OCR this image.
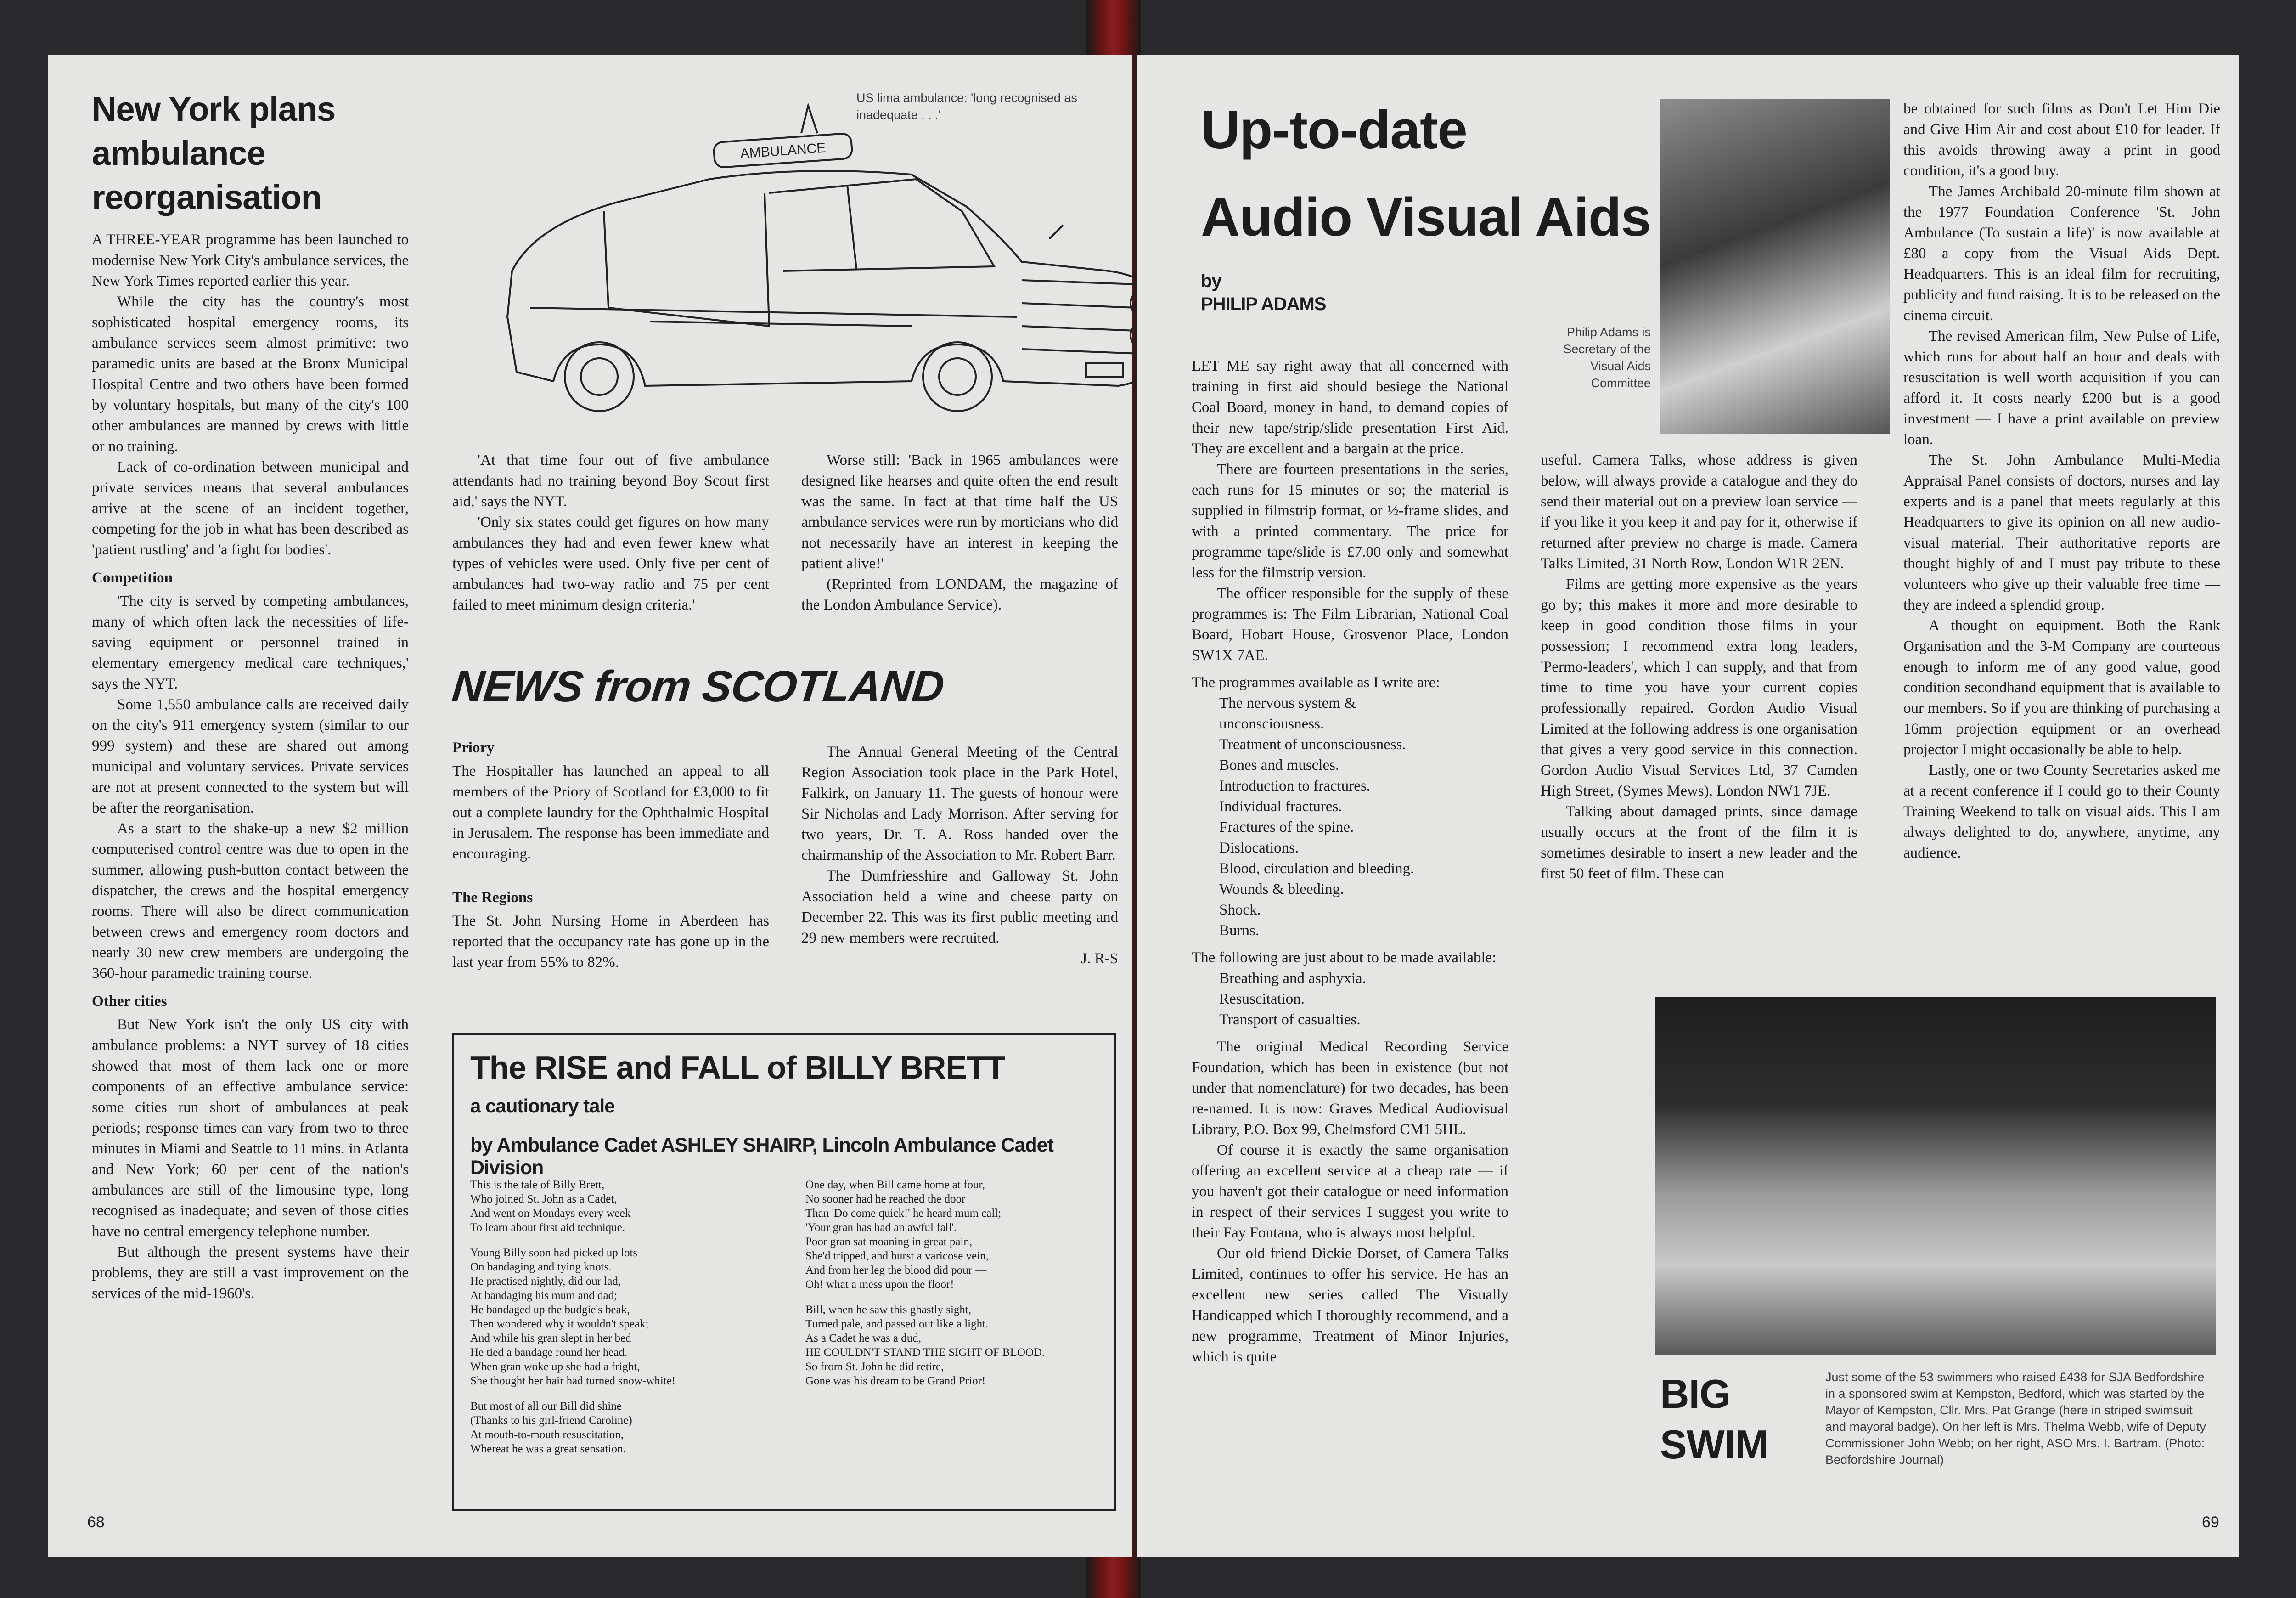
New York plans ambulance reorganisation

A THREE-YEAR programme has been launched to modernise New York City's ambulance services, the New York Times reported earlier this year.

While the city has the country's most sophisticated hospital emergency rooms, its ambulance services seem almost primitive: two paramedic units are based at the Bronx Municipal Hospital Centre and two others have been formed by voluntary hospitals, but many of the city's 100 other ambulances are manned by crews with little or no training.

Lack of co-ordination between municipal and private services means that several ambulances arrive at the scene of an incident together, competing for the job in what has been described as 'patient rustling' and 'a fight for bodies'.

Competition

'The city is served by competing ambulances, many of which often lack the necessities of life-saving equipment or personnel trained in elementary emergency medical care techniques,' says the NYT.

Some 1,550 ambulance calls are received daily on the city's 911 emergency system (similar to our 999 system) and these are shared out among municipal and voluntary services. Private services are not at present connected to the system but will be after the reorganisation.

As a start to the shake-up a new $2 million computerised control centre was due to open in the summer, allowing push-button contact between the dispatcher, the crews and the hospital emergency rooms. There will also be direct communication between crews and emergency room doctors and nearly 30 new crew members are undergoing the 360-hour paramedic training course.

Other cities

But New York isn't the only US city with ambulance problems: a NYT survey of 18 cities showed that most of them lack one or more components of an effective ambulance service: some cities run short of ambulances at peak periods; response times can vary from two to three minutes in Miami and Seattle to 11 mins. in Atlanta and New York; 60 per cent of the nation's ambulances are still of the limousine type, long recognised as inadequate; and seven of those cities have no central emergency telephone number.

But although the present systems have their problems, they are still a vast improvement on the services of the mid-1960's.

AMBULANCE
US lima ambulance: 'long recognised as inadequate . . .'

'At that time four out of five ambulance attendants had no training beyond Boy Scout first aid,' says the NYT.

'Only six states could get figures on how many ambulances they had and even fewer knew what types of vehicles were used. Only five per cent of ambulances had two-way radio and 75 per cent failed to meet minimum design criteria.'

Worse still: 'Back in 1965 ambulances were designed like hearses and quite often the end result was the same. In fact at that time half the US ambulance services were run by morticians who did not necessarily have an interest in keeping the patient alive!'

(Reprinted from LONDAM, the magazine of the London Ambulance Service).

NEWS from SCOTLAND
Priory

The Hospitaller has launched an appeal to all members of the Priory of Scotland for £3,000 to fit out a complete laundry for the Ophthalmic Hospital in Jerusalem. The response has been immediate and encouraging.

The Regions

The St. John Nursing Home in Aberdeen has reported that the occupancy rate has gone up in the last year from 55% to 82%.

The Annual General Meeting of the Central Region Association took place in the Park Hotel, Falkirk, on January 11. The guests of honour were Sir Nicholas and Lady Morrison. After serving for two years, Dr. T. A. Ross handed over the chairmanship of the Association to Mr. Robert Barr.

The Dumfriesshire and Galloway St. John Association held a wine and cheese party on December 22. This was its first public meeting and 29 new members were recruited.

J. R-S
The RISE and FALL of BILLY BRETT
a cautionary tale
by Ambulance Cadet ASHLEY SHAIRP, Lincoln Ambulance Cadet Division

This is the tale of Billy Brett,
Who joined St. John as a Cadet,
And went on Mondays every week
To learn about first aid technique.

Young Billy soon had picked up lots
On bandaging and tying knots.
He practised nightly, did our lad,
At bandaging his mum and dad;
He bandaged up the budgie's beak,
Then wondered why it wouldn't speak;
And while his gran slept in her bed
He tied a bandage round her head.
When gran woke up she had a fright,
She thought her hair had turned snow-white!

But most of all our Bill did shine
(Thanks to his girl-friend Caroline)
At mouth-to-mouth resuscitation,
Whereat he was a great sensation.

One day, when Bill came home at four,
No sooner had he reached the door
Than 'Do come quick!' he heard mum call;
'Your gran has had an awful fall'.
Poor gran sat moaning in great pain,
She'd tripped, and burst a varicose vein,
And from her leg the blood did pour —
Oh! what a mess upon the floor!

Bill, when he saw this ghastly sight,
Turned pale, and passed out like a light.
As a Cadet he was a dud,
HE COULDN'T STAND THE SIGHT OF BLOOD.
So from St. John he did retire,
Gone was his dream to be Grand Prior!

68
Up-to-date
Audio Visual Aids
by
PHILIP ADAMS
Philip Adams is Secretary of the Visual Aids Committee

LET ME say right away that all concerned with training in first aid should besiege the National Coal Board, money in hand, to demand copies of their new tape/strip/slide presentation First Aid. They are excellent and a bargain at the price.

There are fourteen presentations in the series, each runs for 15 minutes or so; the material is supplied in filmstrip format, or ½-frame slides, and with a printed commentary. The price for programme tape/slide is £7.00 only and somewhat less for the filmstrip version.

The officer responsible for the supply of these programmes is: The Film Librarian, National Coal Board, Hobart House, Grosvenor Place, London SW1X 7AE.

The programmes available as I write are:

The nervous system &
unconsciousness.
Treatment of unconsciousness.
Bones and muscles.
Introduction to fractures.
Individual fractures.
Fractures of the spine.
Dislocations.
Blood, circulation and bleeding.
Wounds & bleeding.
Shock.
Burns.

The following are just about to be made available:

Breathing and asphyxia.
Resuscitation.
Transport of casualties.

The original Medical Recording Service Foundation, which has been in existence (but not under that nomenclature) for two decades, has been re-named. It is now: Graves Medical Audiovisual Library, P.O. Box 99, Chelmsford CM1 5HL.

Of course it is exactly the same organisation offering an excellent service at a cheap rate — if you haven't got their catalogue or need information in respect of their services I suggest you write to their Fay Fontana, who is always most helpful.

Our old friend Dickie Dorset, of Camera Talks Limited, continues to offer his service. He has an excellent new series called The Visually Handicapped which I thoroughly recommend, and a new programme, Treatment of Minor Injuries, which is quite

useful. Camera Talks, whose address is given below, will always provide a catalogue and they do send their material out on a preview loan service — if you like it you keep it and pay for it, otherwise if returned after preview no charge is made. Camera Talks Limited, 31 North Row, London W1R 2EN.

Films are getting more expensive as the years go by; this makes it more and more desirable to keep in good condition those films in your possession; I recommend extra long leaders, 'Permo-leaders', which I can supply, and that from time to time you have your current copies professionally repaired. Gordon Audio Visual Limited at the following address is one organisation that gives a very good service in this connection. Gordon Audio Visual Services Ltd, 37 Camden High Street, (Symes Mews), London NW1 7JE.

Talking about damaged prints, since damage usually occurs at the front of the film it is sometimes desirable to insert a new leader and the first 50 feet of film. These can

be obtained for such films as Don't Let Him Die and Give Him Air and cost about £10 for leader. If this avoids throwing away a print in good condition, it's a good buy.

The James Archibald 20-minute film shown at the 1977 Foundation Conference 'St. John Ambulance (To sustain a life)' is now available at £80 a copy from the Visual Aids Dept. Headquarters. This is an ideal film for recruiting, publicity and fund raising. It is to be released on the cinema circuit.

The revised American film, New Pulse of Life, which runs for about half an hour and deals with resuscitation is well worth acquisition if you can afford it. It costs nearly £200 but is a good investment — I have a print available on preview loan.

The St. John Ambulance Multi-Media Appraisal Panel consists of doctors, nurses and lay experts and is a panel that meets regularly at this Headquarters to give its opinion on all new audio-visual material. Their authoritative reports are thought highly of and I must pay tribute to these volunteers who give up their valuable free time — they are indeed a splendid group.

A thought on equipment. Both the Rank Organisation and the 3-M Company are courteous enough to inform me of any good value, good condition secondhand equipment that is available to our members. So if you are thinking of purchasing a 16mm projection equipment or an overhead projector I might occasionally be able to help.

Lastly, one or two County Secretaries asked me at a recent conference if I could go to their County Training Weekend to talk on visual aids. This I am always delighted to do, anywhere, anytime, any audience.

BIG SWIM
Just some of the 53 swimmers who raised £438 for SJA Bedfordshire in a sponsored swim at Kempston, Bedford, which was started by the Mayor of Kempston, Cllr. Mrs. Pat Grange (here in striped swimsuit and mayoral badge). On her left is Mrs. Thelma Webb, wife of Deputy Commissioner John Webb; on her right, ASO Mrs. I. Bartram. (Photo: Bedfordshire Journal)
69
